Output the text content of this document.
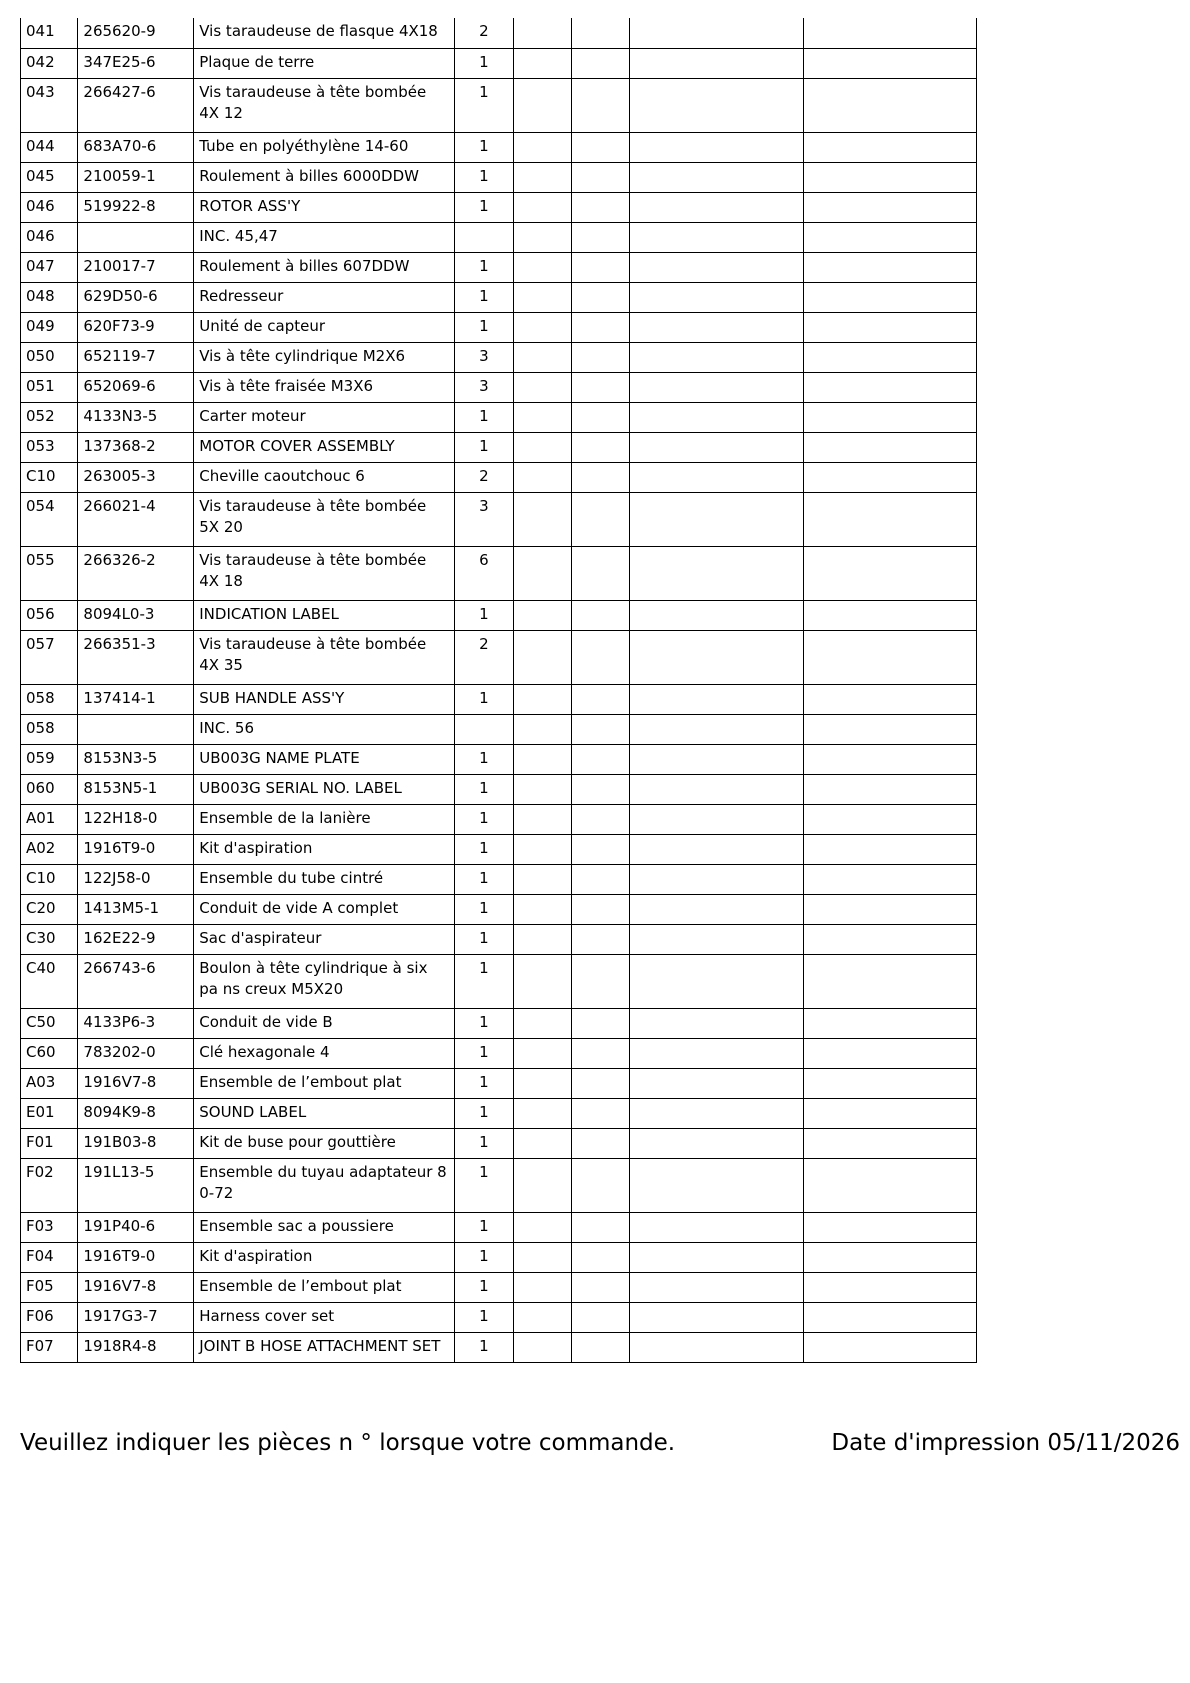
041	265620-9	Vis taraudeuse de flasque 4X18	2				
042	347E25-6	Plaque de terre	1				
043	266427-6	Vis taraudeuse à tête bombée 4X 12	1				
044	683A70-6	Tube en polyéthylène 14-60	1				
045	210059-1	Roulement à billes 6000DDW	1				
046	519922-8	ROTOR ASS'Y	1				
046		INC. 45,47					
047	210017-7	Roulement à billes 607DDW	1				
048	629D50-6	Redresseur	1				
049	620F73-9	Unité de capteur	1				
050	652119-7	Vis à tête cylindrique M2X6	3				
051	652069-6	Vis à tête fraisée M3X6	3				
052	4133N3-5	Carter moteur	1				
053	137368-2	MOTOR COVER ASSEMBLY	1				
C10	263005-3	Cheville caoutchouc 6	2				
054	266021-4	Vis taraudeuse à tête bombée 5X 20	3				
055	266326-2	Vis taraudeuse à tête bombée 4X 18	6				
056	8094L0-3	INDICATION LABEL	1				
057	266351-3	Vis taraudeuse à tête bombée 4X 35	2				
058	137414-1	SUB HANDLE ASS'Y	1				
058		INC. 56					
059	8153N3-5	UB003G NAME PLATE	1				
060	8153N5-1	UB003G SERIAL NO. LABEL	1				
A01	122H18-0	Ensemble de la lanière	1				
A02	1916T9-0	Kit d'aspiration	1				
C10	122J58-0	Ensemble du tube cintré	1				
C20	1413M5-1	Conduit de vide A complet	1				
C30	162E22-9	Sac d'aspirateur	1				
C40	266743-6	Boulon à tête cylindrique à six pa ns creux M5X20	1				
C50	4133P6-3	Conduit de vide B	1				
C60	783202-0	Clé hexagonale 4	1				
A03	1916V7-8	Ensemble de l’embout plat	1				
E01	8094K9-8	SOUND LABEL	1				
F01	191B03-8	Kit de buse pour gouttière	1				
F02	191L13-5	Ensemble du tuyau adaptateur 8 0-72	1				
F03	191P40-6	Ensemble sac a poussiere	1				
F04	1916T9-0	Kit d'aspiration	1				
F05	1916V7-8	Ensemble de l’embout plat	1				
F06	1917G3-7	Harness cover set	1				
F07	1918R4-8	JOINT B HOSE ATTACHMENT SET	1				
Veuillez indiquer les pièces n ° lorsque votre commande.	Date d'impression 05/11/2026
